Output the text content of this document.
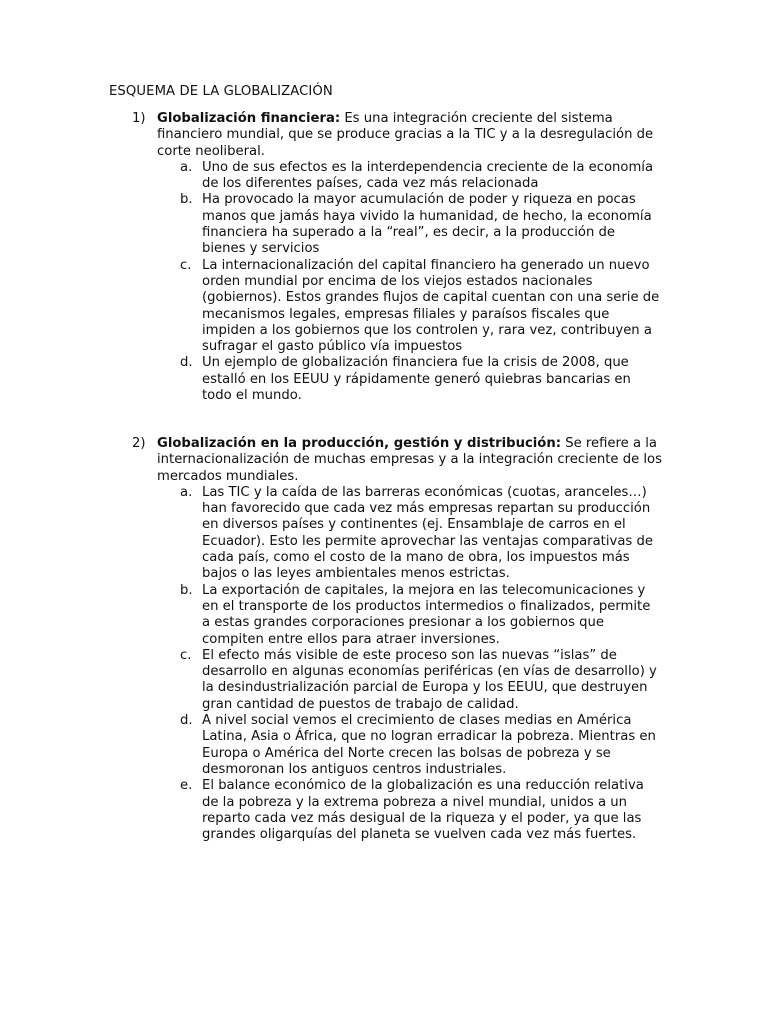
ESQUEMA DE LA GLOBALIZACIÓN
1) Globalización financiera: Es una integración creciente del sistema financiero mundial, que se produce gracias a la TIC y a la desregulación de corte neoliberal.
a. Uno de sus efectos es la interdependencia creciente de la economía de los diferentes países, cada vez más relacionada
b. Ha provocado la mayor acumulación de poder y riqueza en pocas manos que jamás haya vivido la humanidad, de hecho, la economía financiera ha superado a la “real”, es decir, a la producción de bienes y servicios
c. La internacionalización del capital financiero ha generado un nuevo orden mundial por encima de los viejos estados nacionales (gobiernos). Estos grandes flujos de capital cuentan con una serie de mecanismos legales, empresas filiales y paraísos fiscales que impiden a los gobiernos que los controlen y, rara vez, contribuyen a sufragar el gasto público vía impuestos
d. Un ejemplo de globalización financiera fue la crisis de 2008, que estalló en los EEUU y rápidamente generó quiebras bancarias en todo el mundo.
2) Globalización en la producción, gestión y distribución: Se refiere a la internacionalización de muchas empresas y a la integración creciente de los mercados mundiales.
a. Las TIC y la caída de las barreras económicas (cuotas, aranceles…) han favorecido que cada vez más empresas repartan su producción en diversos países y continentes (ej. Ensamblaje de carros en el Ecuador). Esto les permite aprovechar las ventajas comparativas de cada país, como el costo de la mano de obra, los impuestos más bajos o las leyes ambientales menos estrictas.
b. La exportación de capitales, la mejora en las telecomunicaciones y en el transporte de los productos intermedios o finalizados, permite a estas grandes corporaciones presionar a los gobiernos que compiten entre ellos para atraer inversiones.
c. El efecto más visible de este proceso son las nuevas “islas” de desarrollo en algunas economías periféricas (en vías de desarrollo) y la desindustrialización parcial de Europa y los EEUU, que destruyen gran cantidad de puestos de trabajo de calidad.
d. A nivel social vemos el crecimiento de clases medias en América Latina, Asia o África, que no logran erradicar la pobreza. Mientras en Europa o América del Norte crecen las bolsas de pobreza y se desmoronan los antiguos centros industriales.
e. El balance económico de la globalización es una reducción relativa de la pobreza y la extrema pobreza a nivel mundial, unidos a un reparto cada vez más desigual de la riqueza y el poder, ya que las grandes oligarquías del planeta se vuelven cada vez más fuertes.
